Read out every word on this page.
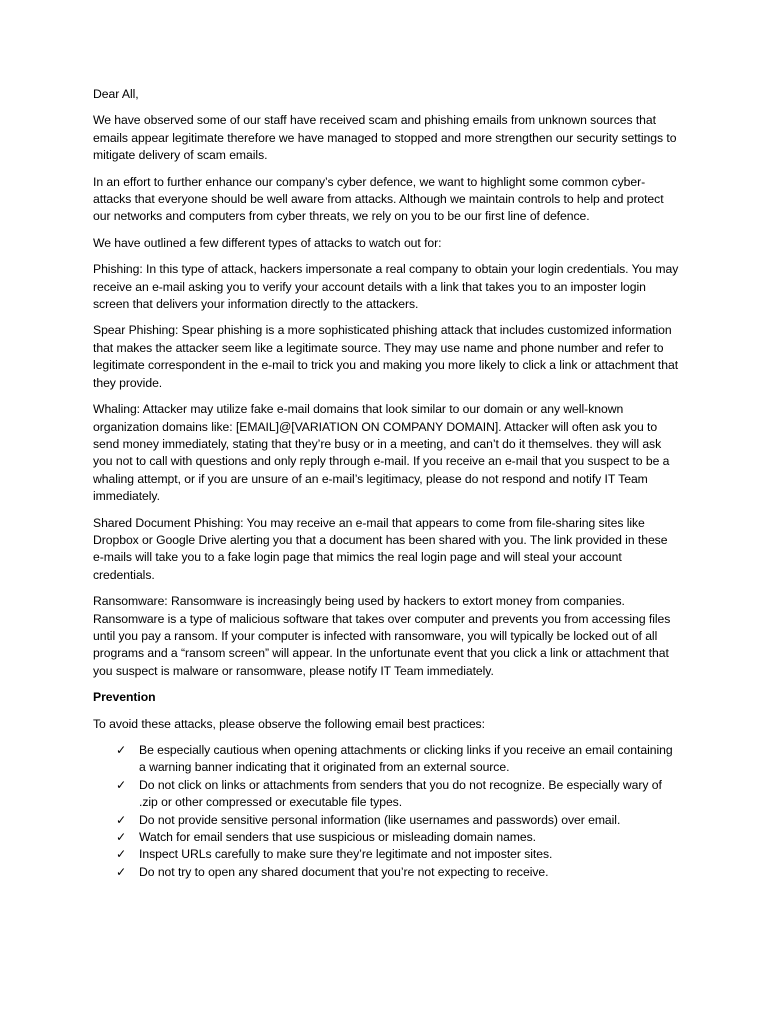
Dear All,

We have observed some of our staff have received scam and phishing emails from unknown sources that emails appear legitimate therefore we have managed to stopped and more strengthen our security settings to mitigate delivery of scam emails.

In an effort to further enhance our company’s cyber defence, we want to highlight some common cyber-attacks that everyone should be well aware from attacks. Although we maintain controls to help and protect our networks and computers from cyber threats, we rely on you to be our first line of defence.

We have outlined a few different types of attacks to watch out for:

Phishing: In this type of attack, hackers impersonate a real company to obtain your login credentials. You may receive an e-mail asking you to verify your account details with a link that takes you to an imposter login screen that delivers your information directly to the attackers.

Spear Phishing: Spear phishing is a more sophisticated phishing attack that includes customized information that makes the attacker seem like a legitimate source. They may use name and phone number and refer to legitimate correspondent in the e-mail to trick you and making you more likely to click a link or attachment that they provide.

Whaling: Attacker may utilize fake e-mail domains that look similar to our domain or any well-known organization domains like: [EMAIL]@[VARIATION ON COMPANY DOMAIN]. Attacker will often ask you to send money immediately, stating that they’re busy or in a meeting, and can’t do it themselves. they will ask you not to call with questions and only reply through e-mail. If you receive an e-mail that you suspect to be a whaling attempt, or if you are unsure of an e-mail’s legitimacy, please do not respond and notify IT Team immediately.

Shared Document Phishing: You may receive an e-mail that appears to come from file-sharing sites like Dropbox or Google Drive alerting you that a document has been shared with you. The link provided in these e-mails will take you to a fake login page that mimics the real login page and will steal your account credentials.

Ransomware: Ransomware is increasingly being used by hackers to extort money from companies. Ransomware is a type of malicious software that takes over computer and prevents you from accessing files until you pay a ransom. If your computer is infected with ransomware, you will typically be locked out of all programs and a “ransom screen” will appear. In the unfortunate event that you click a link or attachment that you suspect is malware or ransomware, please notify IT Team immediately.

Prevention

To avoid these attacks, please observe the following email best practices:

✓ Be especially cautious when opening attachments or clicking links if you receive an email containing a warning banner indicating that it originated from an external source.
✓ Do not click on links or attachments from senders that you do not recognize. Be especially wary of .zip or other compressed or executable file types.
✓ Do not provide sensitive personal information (like usernames and passwords) over email.
✓ Watch for email senders that use suspicious or misleading domain names.
✓ Inspect URLs carefully to make sure they’re legitimate and not imposter sites.
✓ Do not try to open any shared document that you’re not expecting to receive.
